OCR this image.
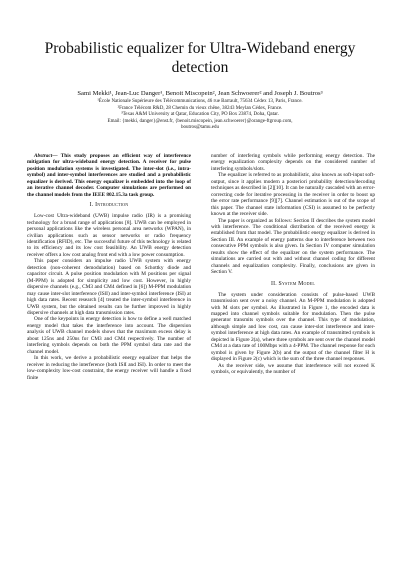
Probabilistic equalizer for Ultra-Wideband energy detection
Sami Mekki¹, Jean-Luc Danger¹, Benoit Miscopein², Jean Schwoerer² and Joseph J. Boutros³
¹École Nationale Supérieure des Télécommunications, 46 rue Barrault, 75634 Cédex 13, Paris, France.
²France Télécom R&D, 28 Chemin du vieux chêne, 38243 Meylan Cédex, France.
³Texas A&M University at Qatar, Education City, PO Box 23874, Doha, Qatar.
Email: {mekki, danger}@enst.fr, {benoit.miscopein, jean.schwoerer}@orange-ftgroup.com,
boutros@tamu.edu

Abstract— This study proposes an efficient way of interference mitigation for ultra-wideband energy detection. A receiver for pulse position modulation systems is investigated. The inter-slot (i.e., intra-symbol) and inter-symbol interferences are studied and a probabilistic equalizer is derived. This energy equalizer is embedded into the loop of an iterative channel decoder. Computer simulations are performed on the channel models from the IEEE 802.15.3a task group.

I. Introduction

Low-cost Ultra-wideband (UWB) impulse radio (IR) is a promising technology for a broad range of applications [8]. UWB can be employed in personal applications like the wireless personal area networks (WPAN), in civilian applications such as sensor networks or radio frequency identification (RFID), etc. The successful future of this technology is related to its efficiency and its low cost feasibility. An UWB energy detection receiver offers a low cost analog front end with a low power consumption.

This paper considers an impulse radio UWB system with energy detection (non-coherent demodulation) based on Schottky diode and capacitor circuit. A pulse position modulation with M positions per signal (M-PPM) is adopted for simplicity and low cost. However, in highly dispersive channels (e.g., CM3 and CM4 defined in [6]) M-PPM modulation may cause inter-slot interference (ISlI) and inter-symbol interference (ISI) at high data rates. Recent research [4] treated the inter-symbol interference in UWB system, but the obtained results can be further improved in highly dispersive channels at high data transmission rates.

One of the keypoints in energy detection is how to define a well matched energy model that takes the interference into account. The dispersion analysis of UWB channel models shows that the maximum excess delay is about 125ns and 250ns for CM3 and CM4 respectively. The number of interfering symbols depends on both the PPM symbol data rate and the channel model.

In this work, we derive a probabilistic energy equalizer that helps the receiver in reducing the interference (both ISlI and ISI). In order to meet the low-complexity low-cost constraint, the energy receiver will handle a fixed finite

number of interfering symbols while performing energy detection. The energy equalization complexity depends on the considered number of interfering symbols/slots.

The equalizer is referred to as probabilistic, also known as soft-input soft-output, since it applies modern a posteriori probability detection/decoding techniques as described in [2][10]. It can be naturally cascaded with an error-correcting code for iterative processing in the receiver in order to boost up the error rate performance [9][7]. Channel estimation is out of the scope of this paper. The channel state information (CSI) is assumed to be perfectly known at the receiver side.

The paper is organized as follows: Section II describes the system model with interference. The conditional distribution of the received energy is established from that model. The probabilistic energy equalizer is derived in Section III. An example of energy patterns due to interference between two consecutive PPM symbols is also given. In Section IV computer simulation results show the effect of the equalizer on the system performance. The simulations are carried out with and without channel coding for different channels and equalization complexity. Finally, conclusions are given in Section V.

II. System Model

The system under consideration consists of pulse-based UWB transmission sent over a noisy channel. An M-PPM modulation is adopted with M slots per symbol. As illustrated in Figure 1, the encoded data is mapped into channel symbols suitable for modulation. Then the pulse generator transmits symbols over the channel. This type of modulation, although simple and low cost, can cause inter-slot interference and inter-symbol interference at high data rates. An example of transmitted symbols is depicted in Figure 2(a), where three symbols are sent over the channel model CM4 at a data rate of 100Mbps with a 4-PPM. The channel response for each symbol is given by Figure 2(b) and the output of the channel filter H is displayed in Figure 2(c) which is the sum of the three channel responses.

As the receiver side, we assume that interference will not exceed K symbols, or equivalently, the number of
